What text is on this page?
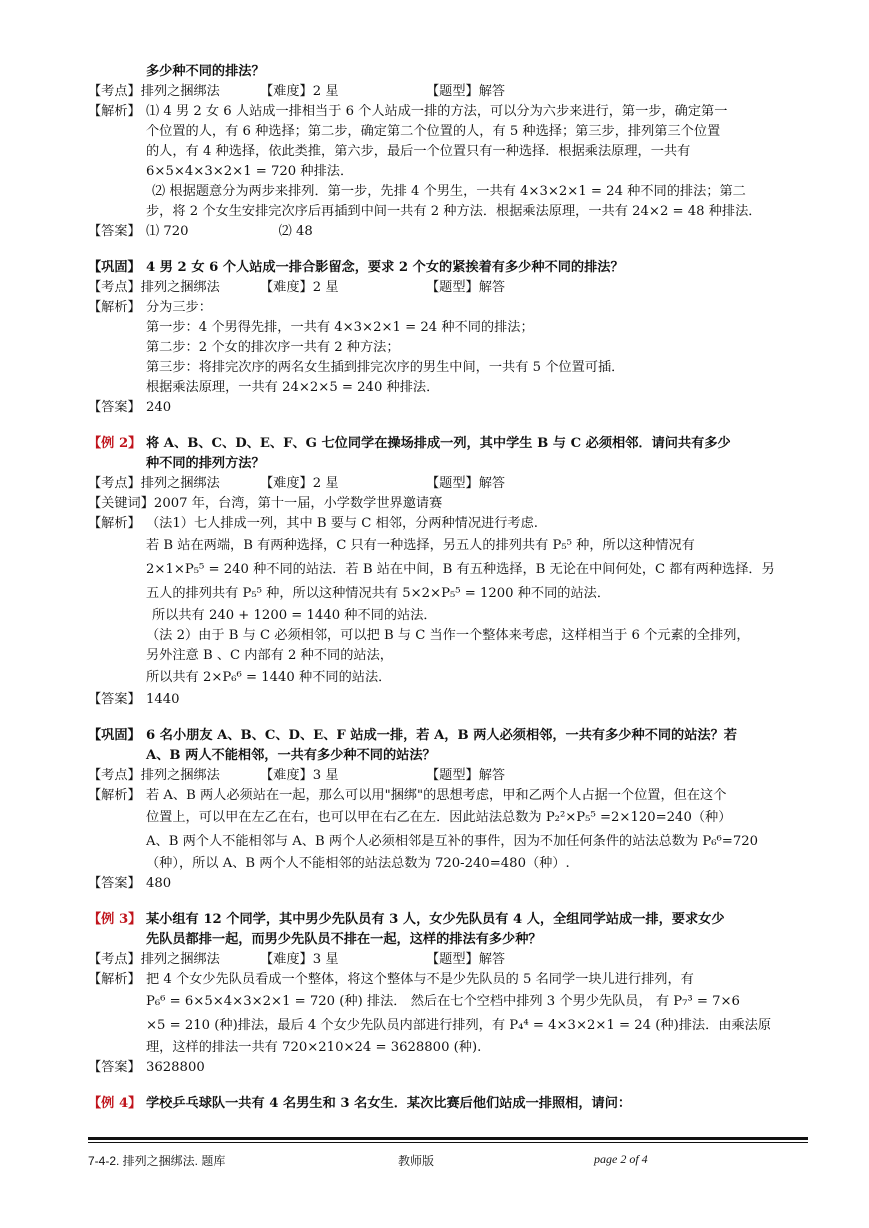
多少种不同的排法？
【考点】排列之捆绑法	【难度】2 星	【题型】解答
【解析】 ⑴ 4 男 2 女 6 人站成一排相当于 6 个人站成一排的方法，可以分为六步来进行，第一步，确定第一
个位置的人，有 6 种选择；第二步，确定第二个位置的人，有 5 种选择；第三步，排列第三个位置
的人，有 4 种选择，依此类推，第六步，最后一个位置只有一种选择．根据乘法原理，一共有
6×5×4×3×2×1 = 720 种排法．
⑵ 根据题意分为两步来排列．第一步，先排 4 个男生，一共有 4×3×2×1 = 24 种不同的排法；第二
步，将 2 个女生安排完次序后再插到中间一共有 2 种方法．根据乘法原理，一共有 24×2 = 48 种排法．
【答案】 ⑴ 720	⑵ 48
【巩固】 4 男 2 女 6 个人站成一排合影留念，要求 2 个女的紧挨着有多少种不同的排法？
【考点】排列之捆绑法	【难度】2 星	【题型】解答
【解析】 分为三步：
第一步：4 个男得先排，一共有 4×3×2×1 = 24 种不同的排法；
第二步：2 个女的排次序一共有 2 种方法；
第三步：将排完次序的两名女生插到排完次序的男生中间，一共有 5 个位置可插．
根据乘法原理，一共有 24×2×5 = 240 种排法．
【答案】 240
【例 2】 将 A、B、C、D、E、F、G 七位同学在操场排成一列，其中学生 B 与 C 必须相邻．请问共有多少
种不同的排列方法？
【考点】排列之捆绑法	【难度】2 星	【题型】解答
【关键词】2007 年，台湾，第十一届，小学数学世界邀请赛
【解析】 （法1）七人排成一列，其中 B 要与 C 相邻，分两种情况进行考虑.
若 B 站在两端，B 有两种选择，C 只有一种选择，另五人的排列共有 P₅⁵ 种，所以这种情况有
2×1×P₅⁵ = 240 种不同的站法．若 B 站在中间，B 有五种选择，B 无论在中间何处，C 都有两种选择．另
五人的排列共有 P₅⁵ 种，所以这种情况共有 5×2×P₅⁵ = 1200 种不同的站法．
所以共有 240 + 1200 = 1440 种不同的站法．
（法 2）由于 B 与 C 必须相邻，可以把 B 与 C 当作一个整体来考虑，这样相当于 6 个元素的全排列，
另外注意 B 、C 内部有 2 种不同的站法，
所以共有 2×P₆⁶ = 1440 种不同的站法．
【答案】 1440
【巩固】 6 名小朋友 A、B、C、D、E、F 站成一排，若 A，B 两人必须相邻，一共有多少种不同的站法？若
A、B 两人不能相邻，一共有多少种不同的站法？
【考点】排列之捆绑法	【难度】3 星	【题型】解答
【解析】 若 A、B 两人必须站在一起，那么可以用"捆绑"的思想考虑，甲和乙两个人占据一个位置，但在这个
位置上，可以甲在左乙在右，也可以甲在右乙在左．因此站法总数为 P₂²×P₅⁵ =2×120=240（种）
A、B 两个人不能相邻与 A、B 两个人必须相邻是互补的事件，因为不加任何条件的站法总数为 P₆⁶=720
（种），所以 A、B 两个人不能相邻的站法总数为 720-240=480（种）.
【答案】 480
【例 3】 某小组有 12 个同学，其中男少先队员有 3 人，女少先队员有 4 人，全组同学站成一排，要求女少
先队员都排一起，而男少先队员不排在一起，这样的排法有多少种？
【考点】排列之捆绑法	【难度】3 星	【题型】解答
【解析】 把 4 个女少先队员看成一个整体，将这个整体与不是少先队员的 5 名同学一块儿进行排列，有
P₆⁶ = 6×5×4×3×2×1 = 720 (种) 排法． 然后在七个空档中排列 3 个男少先队员， 有 P₇³ = 7×6
×5 = 210 (种)排法，最后 4 个女少先队员内部进行排列，有 P₄⁴ = 4×3×2×1 = 24 (种)排法．由乘法原
理，这样的排法一共有 720×210×24 = 3628800 (种).
【答案】 3628800
【例 4】 学校乒乓球队一共有 4 名男生和 3 名女生．某次比赛后他们站成一排照相，请问：
7-4-2. 排列之捆绑法. 题库	教师版	page 2 of 4
